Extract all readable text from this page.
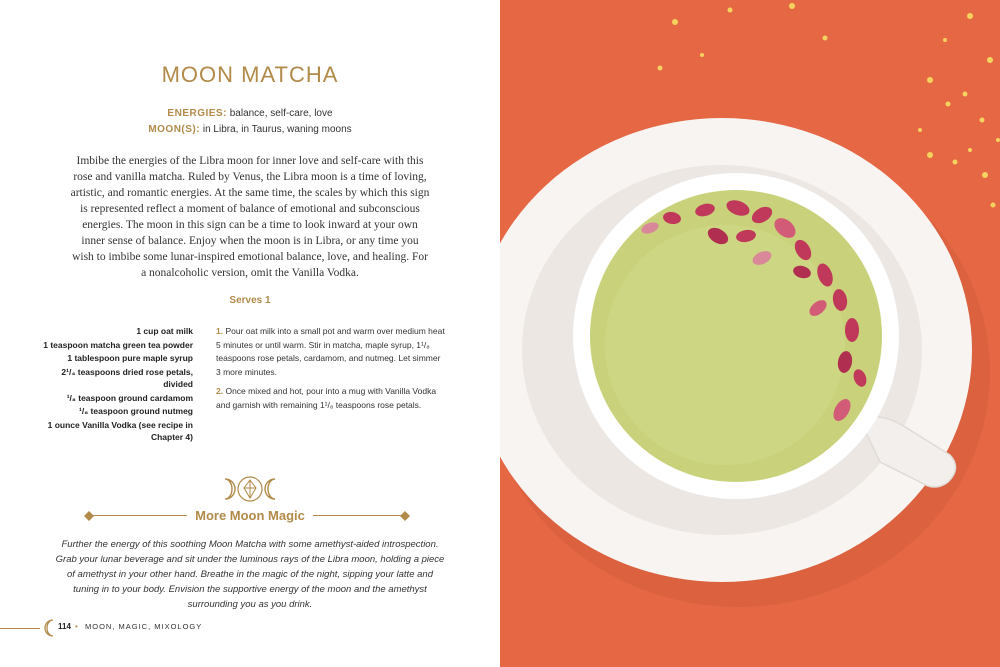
MOON MATCHA
ENERGIES: balance, self-care, love
MOON(S): in Libra, in Taurus, waning moons

Imbibe the energies of the Libra moon for inner love and self-care with this rose and vanilla matcha. Ruled by Venus, the Libra moon is a time of loving, artistic, and romantic energies. At the same time, the scales by which this sign is represented reflect a moment of balance of emotional and subconscious energies. The moon in this sign can be a time to look inward at your own inner sense of balance. Enjoy when the moon is in Libra, or any time you wish to imbibe some lunar-inspired emotional balance, love, and healing. For a nonalcoholic version, omit the Vanilla Vodka.

Serves 1
1 cup oat milk
1 teaspoon matcha green tea powder
1 tablespoon pure maple syrup
2¹/₄ teaspoons dried rose petals, divided
¹/₈ teaspoon ground cardamom
¹/₈ teaspoon ground nutmeg
1 ounce Vanilla Vodka (see recipe in Chapter 4)

1. Pour oat milk into a small pot and warm over medium heat 5 minutes or until warm. Stir in matcha, maple syrup, 1¹/₈ teaspoons rose petals, cardamom, and nutmeg. Let simmer 3 more minutes.

2. Once mixed and hot, pour into a mug with Vanilla Vodka and garnish with remaining 1¹/₈ teaspoons rose petals.

More Moon Magic

Further the energy of this soothing Moon Matcha with some amethyst-aided introspection. Grab your lunar beverage and sit under the luminous rays of the Libra moon, holding a piece of amethyst in your other hand. Breathe in the magic of the night, sipping your latte and tuning in to your body. Envision the supportive energy of the moon and the amethyst surrounding you as you drink.

114 • MOON, MAGIC, MIXOLOGY
